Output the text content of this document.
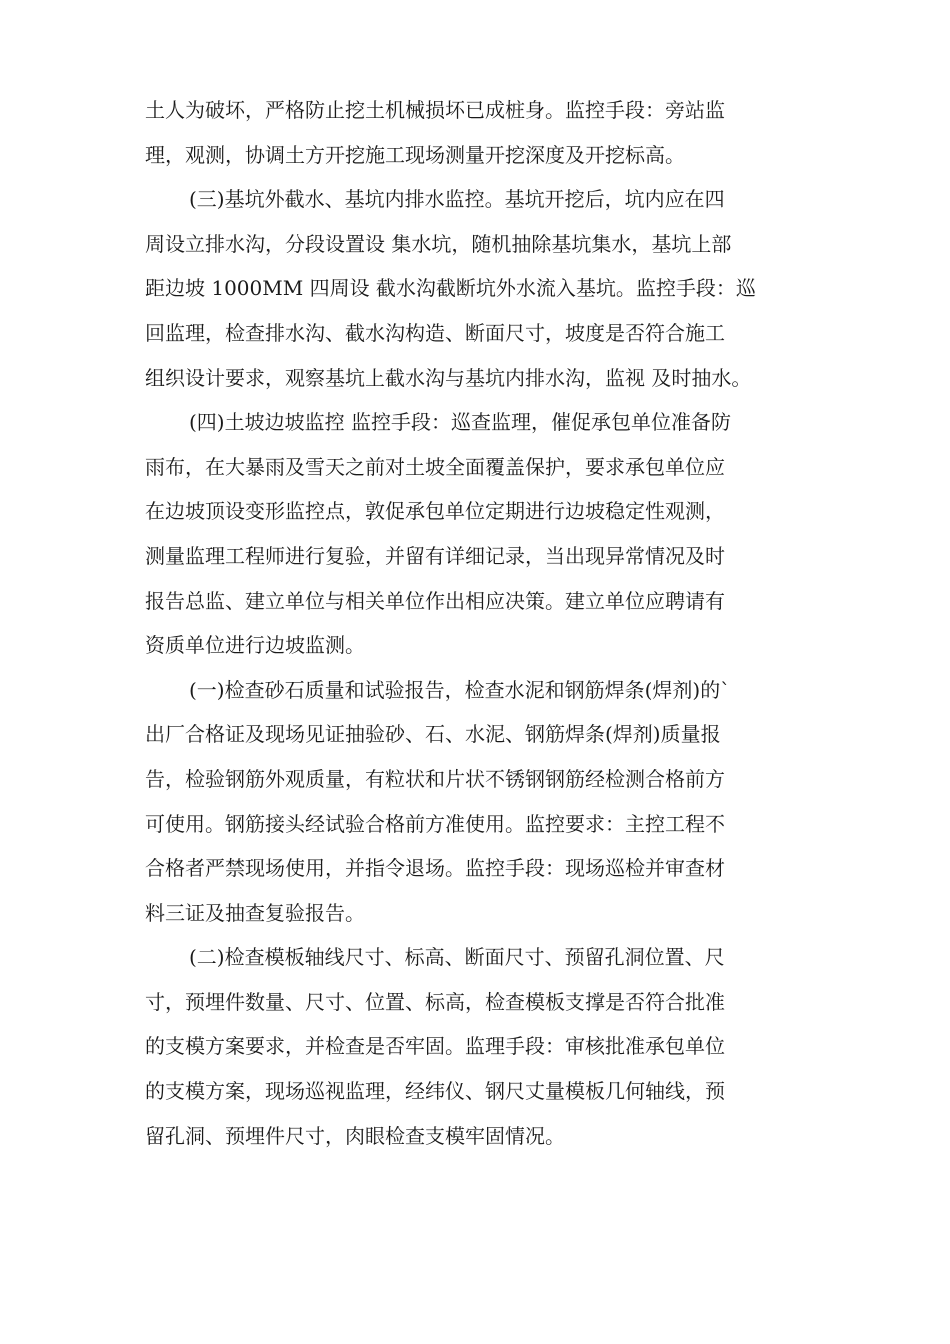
土人为破坏，严格防止挖土机械损坏已成桩身。监控手段：旁站监
理，观测，协调土方开挖施工现场测量开挖深度及开挖标高。
(三)基坑外截水、基坑内排水监控。基坑开挖后，坑内应在四
周设立排水沟，分段设置设 集水坑，随机抽除基坑集水，基坑上部
距边坡 1000MM 四周设 截水沟截断坑外水流入基坑。监控手段：巡
回监理，检查排水沟、截水沟构造、断面尺寸，坡度是否符合施工
组织设计要求，观察基坑上截水沟与基坑内排水沟，监视 及时抽水。
(四)土坡边坡监控 监控手段：巡查监理，催促承包单位准备防
雨布，在大暴雨及雪天之前对土坡全面覆盖保护，要求承包单位应
在边坡顶设变形监控点，敦促承包单位定期进行边坡稳定性观测，
测量监理工程师进行复验，并留有详细记录，当出现异常情况及时
报告总监、建立单位与相关单位作出相应决策。建立单位应聘请有
资质单位进行边坡监测。
(一)检查砂石质量和试验报告，检查水泥和钢筋焊条(焊剂)的`
出厂合格证及现场见证抽验砂、石、水泥、钢筋焊条(焊剂)质量报
告，检验钢筋外观质量，有粒状和片状不锈钢钢筋经检测合格前方
可使用。钢筋接头经试验合格前方准使用。监控要求：主控工程不
合格者严禁现场使用，并指令退场。监控手段：现场巡检并审查材
料三证及抽查复验报告。
(二)检查模板轴线尺寸、标高、断面尺寸、预留孔洞位置、尺
寸，预埋件数量、尺寸、位置、标高，检查模板支撑是否符合批准
的支模方案要求，并检查是否牢固。监理手段：审核批准承包单位
的支模方案，现场巡视监理，经纬仪、钢尺丈量模板几何轴线，预
留孔洞、预埋件尺寸，肉眼检查支模牢固情况。
